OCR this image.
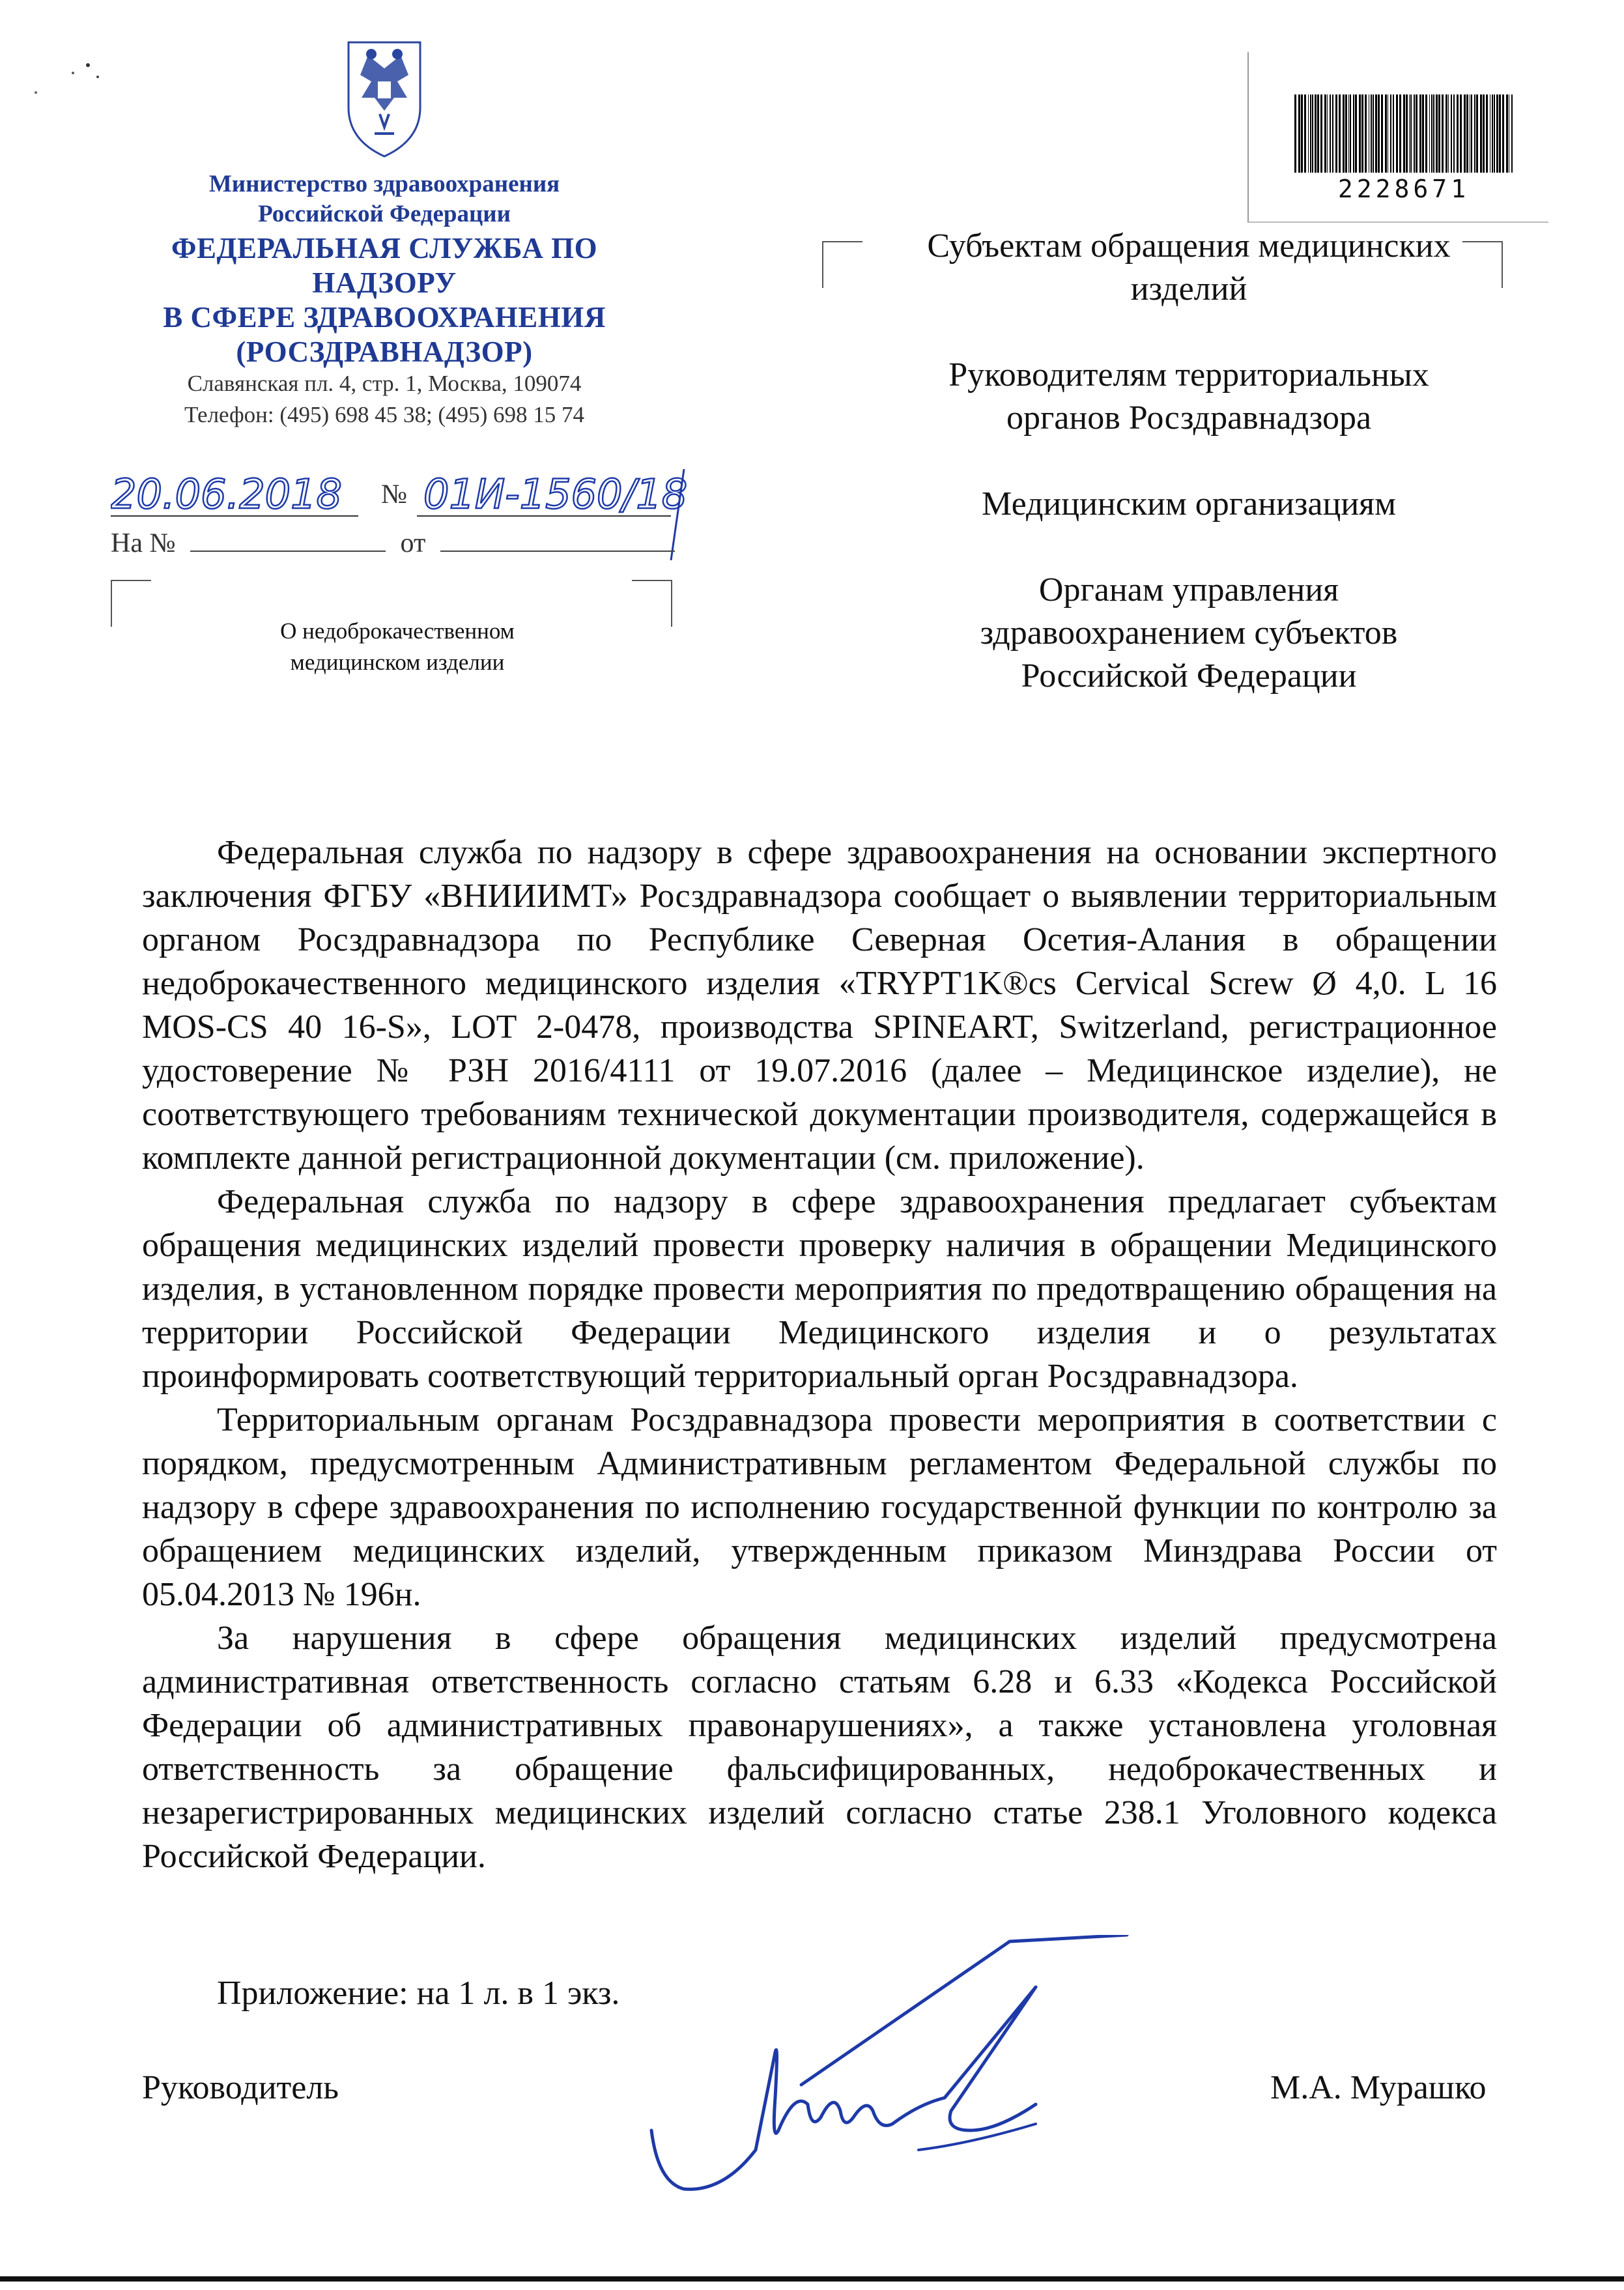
Министерство здравоохранения
Российской Федерации
ФЕДЕРАЛЬНАЯ СЛУЖБА ПО НАДЗОРУ
В СФЕРЕ ЗДРАВООХРАНЕНИЯ
(РОСЗДРАВНАДЗОР)
Славянская пл. 4, стр. 1, Москва, 109074
Телефон: (495) 698 45 38; (495) 698 15 74
20.06.2018 01И-1560/18
№
На №	от
О недоброкачественном
медицинском изделии
2228671

Субъектам обращения медицинских изделий

Руководителям территориальных органов Росздравнадзора

Медицинским организациям

Органам управления здравоохранением субъектов Российской Федерации

Федеральная служба по надзору в сфере здравоохранения на основании экспертного заключения ФГБУ «ВНИИИМТ» Росздравнадзора сообщает о выявлении территориальным органом Росздравнадзора по Республике Северная Осетия-Алания в обращении недоброкачественного медицинского изделия «TRYPT1K®cs Cervical Screw Ø 4,0. L 16 MOS-CS 40 16-S», LOT 2-0478, производства SPINEART, Switzerland, регистрационное удостоверение № РЗН 2016/4111 от 19.07.2016 (далее – Медицинское изделие), не соответствующего требованиям технической документации производителя, содержащейся в комплекте данной регистрационной документации (см. приложение).

Федеральная служба по надзору в сфере здравоохранения предлагает субъектам обращения медицинских изделий провести проверку наличия в обращении Медицинского изделия, в установленном порядке провести мероприятия по предотвращению обращения на территории Российской Федерации Медицинского изделия и о результатах проинформировать соответствующий территориальный орган Росздравнадзора.

Территориальным органам Росздравнадзора провести мероприятия в соответствии с порядком, предусмотренным Административным регламентом Федеральной службы по надзору в сфере здравоохранения по исполнению государственной функции по контролю за обращением медицинских изделий, утвержденным приказом Минздрава России от 05.04.2013 № 196н.

За нарушения в сфере обращения медицинских изделий предусмотрена административная ответственность согласно статьям 6.28 и 6.33 «Кодекса Российской Федерации об административных правонарушениях», а также установлена уголовная ответственность за обращение фальсифицированных, недоброкачественных и незарегистрированных медицинских изделий согласно статье 238.1 Уголовного кодекса Российской Федерации.

Приложение: на 1 л. в 1 экз.
Руководитель	М.А. Мурашко
